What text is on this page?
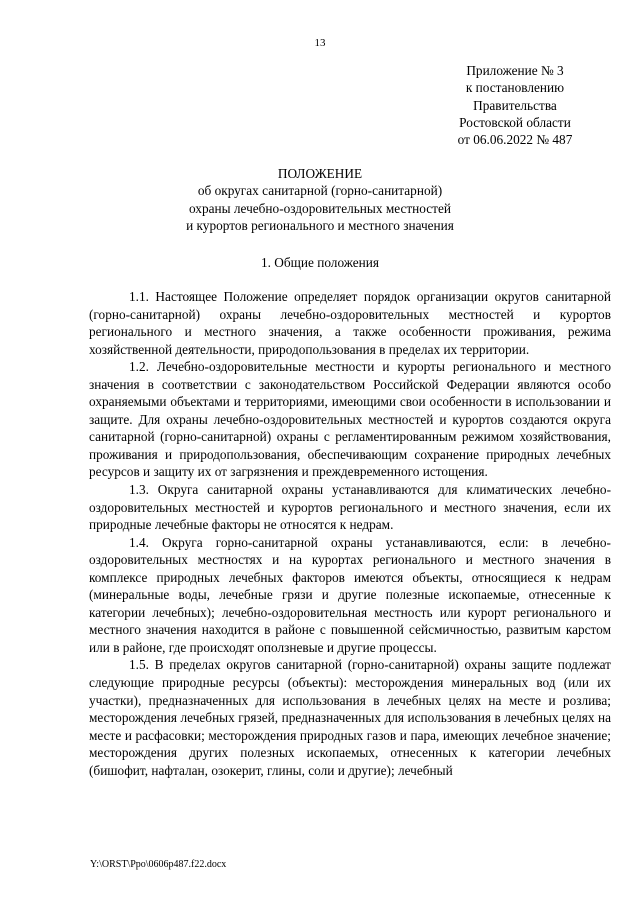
13
Приложение № 3
к постановлению
Правительства
Ростовской области
от 06.06.2022 № 487
ПОЛОЖЕНИЕ
об округах санитарной (горно-санитарной)
охраны лечебно-оздоровительных местностей
и курортов регионального и местного значения
1. Общие положения

1.1. Настоящее Положение определяет порядок организации округов санитарной (горно-санитарной) охраны лечебно-оздоровительных местностей и курортов регионального и местного значения, а также особенности проживания, режима хозяйственной деятельности, природопользования в пределах их территории.

1.2. Лечебно-оздоровительные местности и курорты регионального и местного значения в соответствии с законодательством Российской Федерации являются особо охраняемыми объектами и территориями, имеющими свои особенности в использовании и защите. Для охраны лечебно-оздоровительных местностей и курортов создаются округа санитарной (горно-санитарной) охраны с регламентированным режимом хозяйствования, проживания и природопользования, обеспечивающим сохранение природных лечебных ресурсов и защиту их от загрязнения и преждевременного истощения.

1.3. Округа санитарной охраны устанавливаются для климатических лечебно-оздоровительных местностей и курортов регионального и местного значения, если их природные лечебные факторы не относятся к недрам.

1.4. Округа горно-санитарной охраны устанавливаются, если: в лечебно-оздоровительных местностях и на курортах регионального и местного значения в комплексе природных лечебных факторов имеются объекты, относящиеся к недрам (минеральные воды, лечебные грязи и другие полезные ископаемые, отнесенные к категории лечебных); лечебно-оздоровительная местность или курорт регионального и местного значения находится в районе с повышенной сейсмичностью, развитым карстом или в районе, где происходят оползневые и другие процессы.

1.5. В пределах округов санитарной (горно-санитарной) охраны защите подлежат следующие природные ресурсы (объекты): месторождения минеральных вод (или их участки), предназначенных для использования в лечебных целях на месте и розлива; месторождения лечебных грязей, предназначенных для использования в лечебных целях на месте и расфасовки; месторождения природных газов и пара, имеющих лечебное значение; месторождения других полезных ископаемых, отнесенных к категории лечебных (бишофит, нафталан, озокерит, глины, соли и другие); лечебный

Y:\ORST\Ppo\0606p487.f22.docx
